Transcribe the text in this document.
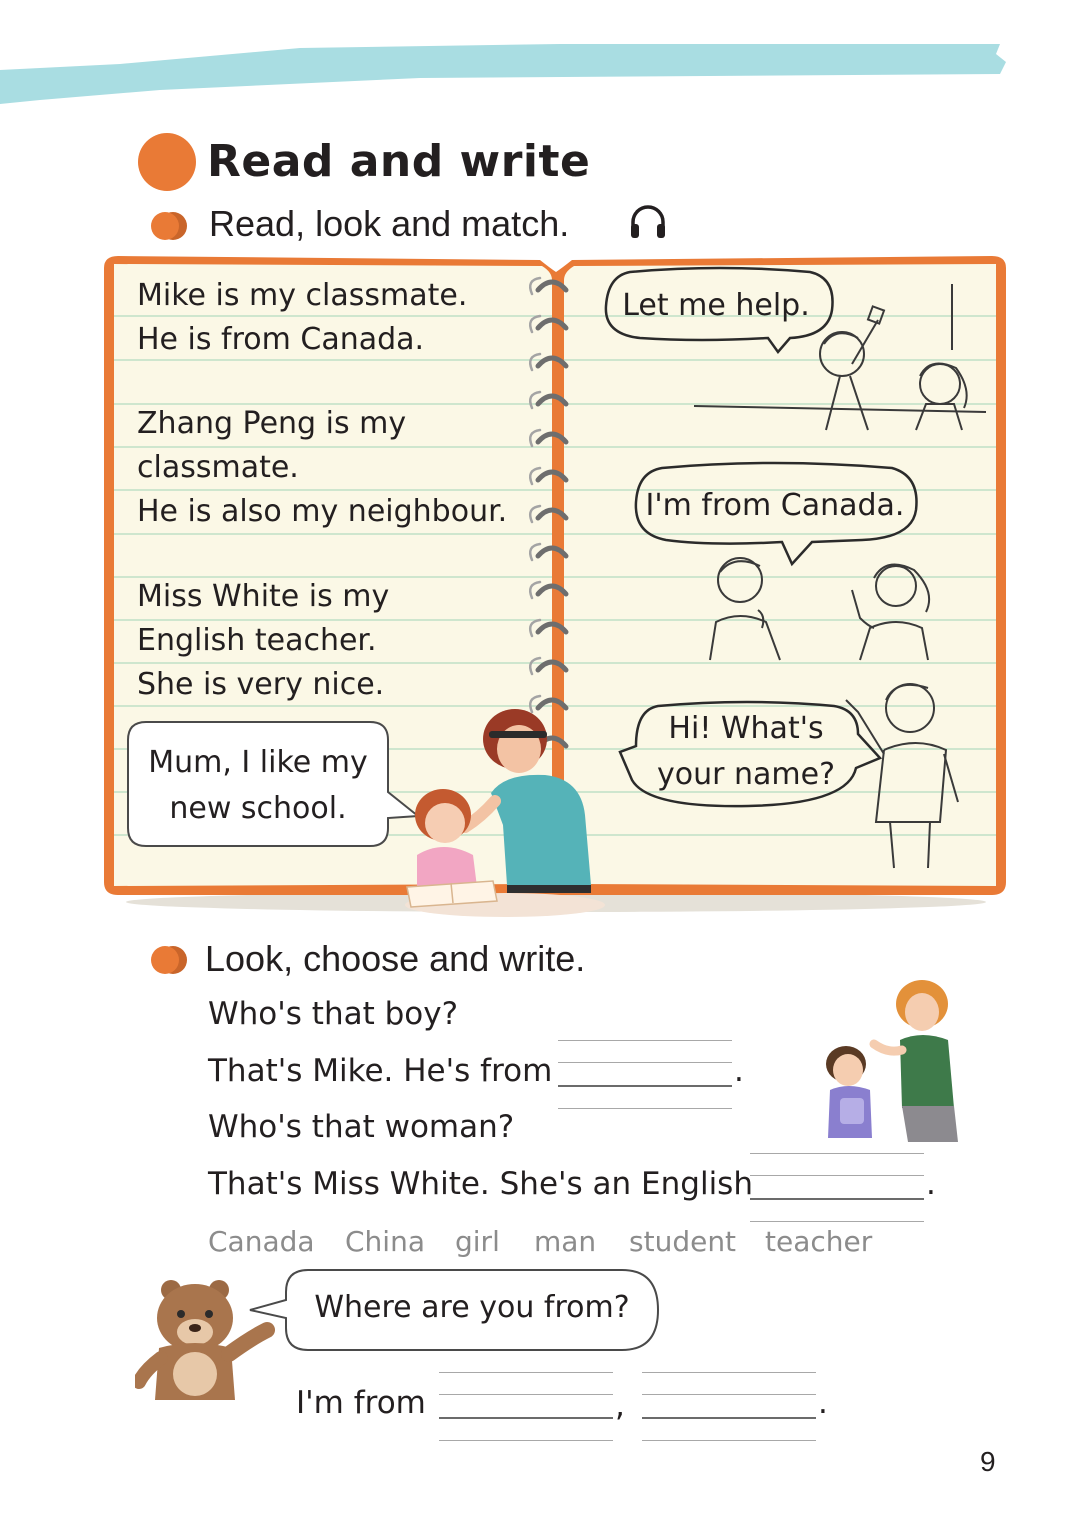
Read and write
Read, look and match.
Mike is my classmate.
He is from Canada.
Zhang Peng is my
classmate.
He is also my neighbour.
Miss White is my
English teacher.
She is very nice.
Mum, I like my
new school.
Let me help.
I'm from Canada.
Hi! What's
your name?
Look, choose and write.
Who's that boy?
That's Mike. He's from	.
Who's that woman?
That's Miss White. She's an English	.
Canada China girl man student teacher
Where are you from?
I'm from	,	.
9
